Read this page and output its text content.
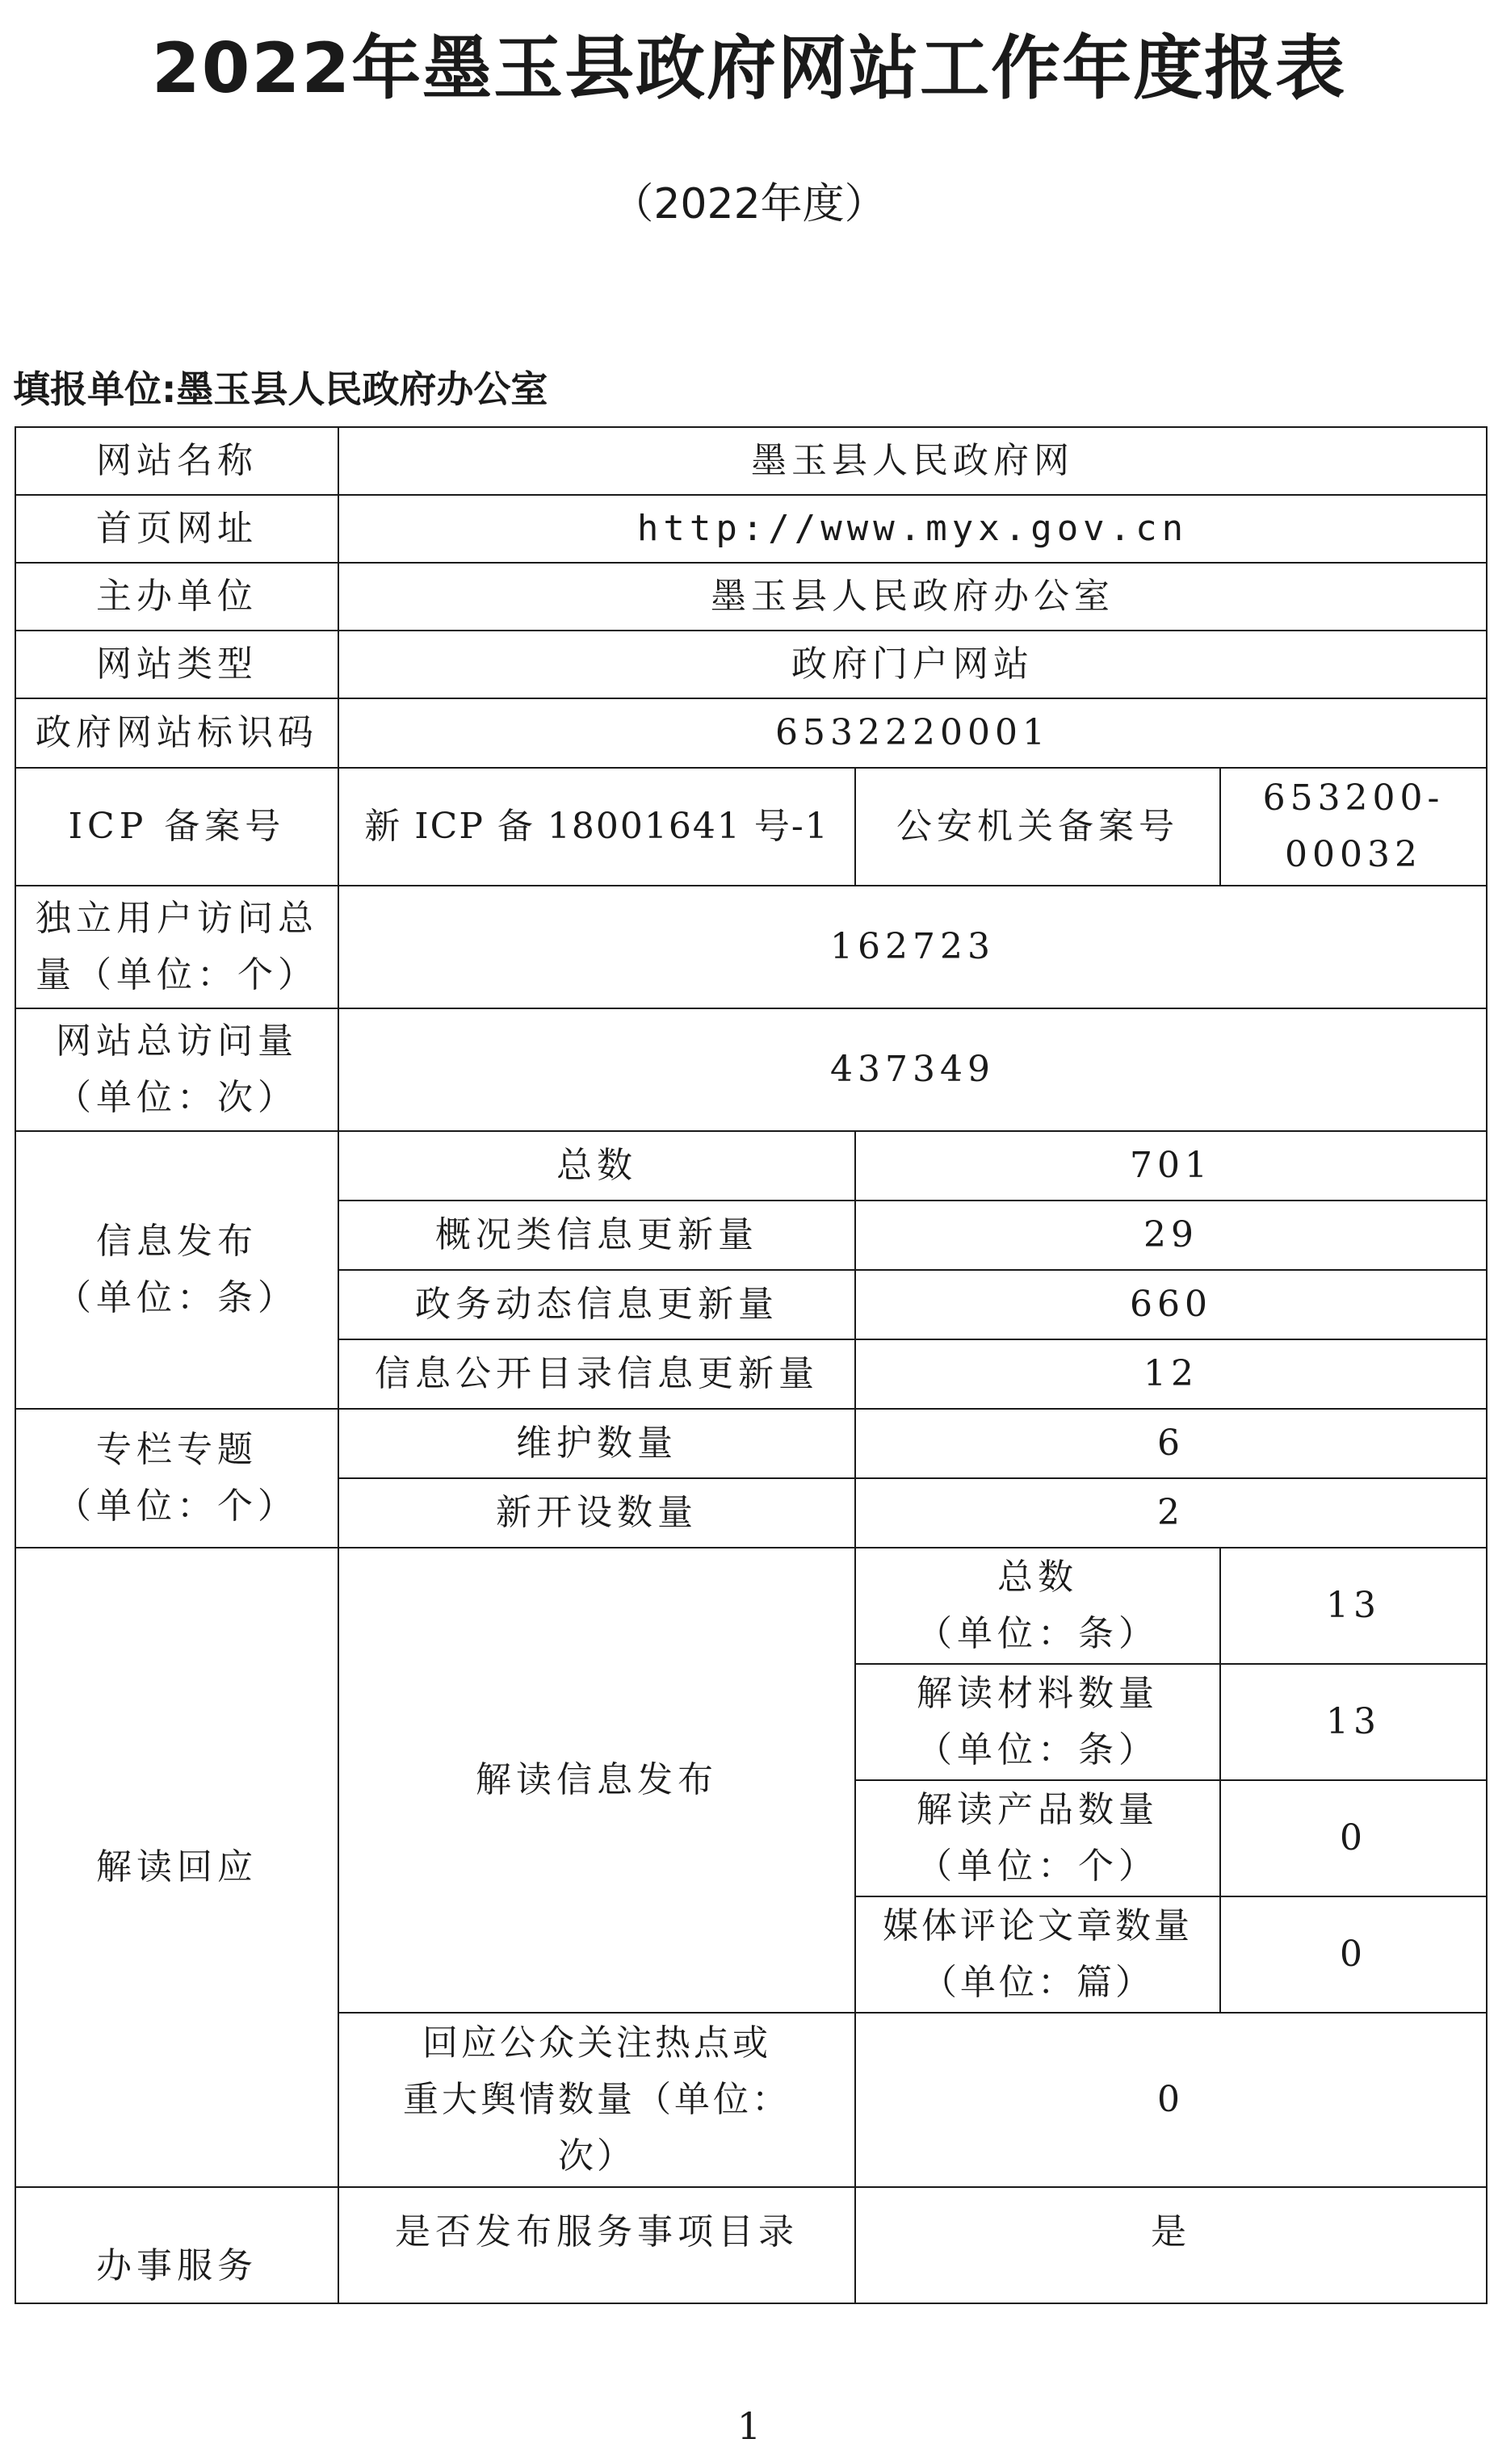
2022年墨玉县政府网站工作年度报表
（2022年度）
填报单位:墨玉县人民政府办公室
网站名称	墨玉县人民政府网		
首页网址	http://www.myx.gov.cn		
主办单位	墨玉县人民政府办公室		
网站类型	政府门户网站		
政府网站标识码	6532220001		
ICP 备案号	新 ICP 备 18001641 号-1	公安机关备案号	653200-
00032

独立用户访问总
量（单位：个）	162723		

网站总访问量
（单位：次）	437349		

信息发布
（单位：条）	总数	701	
	概况类信息更新量	29	
	政务动态信息更新量	660	
	信息公开目录信息更新量	12	

专栏专题
（单位：个）	维护数量	6	
	新开设数量	2	
解读回应	解读信息发布	总数
（单位：条）	13

		解读材料数量
（单位：条）	13

		解读产品数量
（单位：个）	0

		媒体评论文章数量
（单位：篇）	0

	回应公众关注热点或
重大舆情数量（单位：
次）	0	
办事服务	是否发布服务事项目录	是	
1
